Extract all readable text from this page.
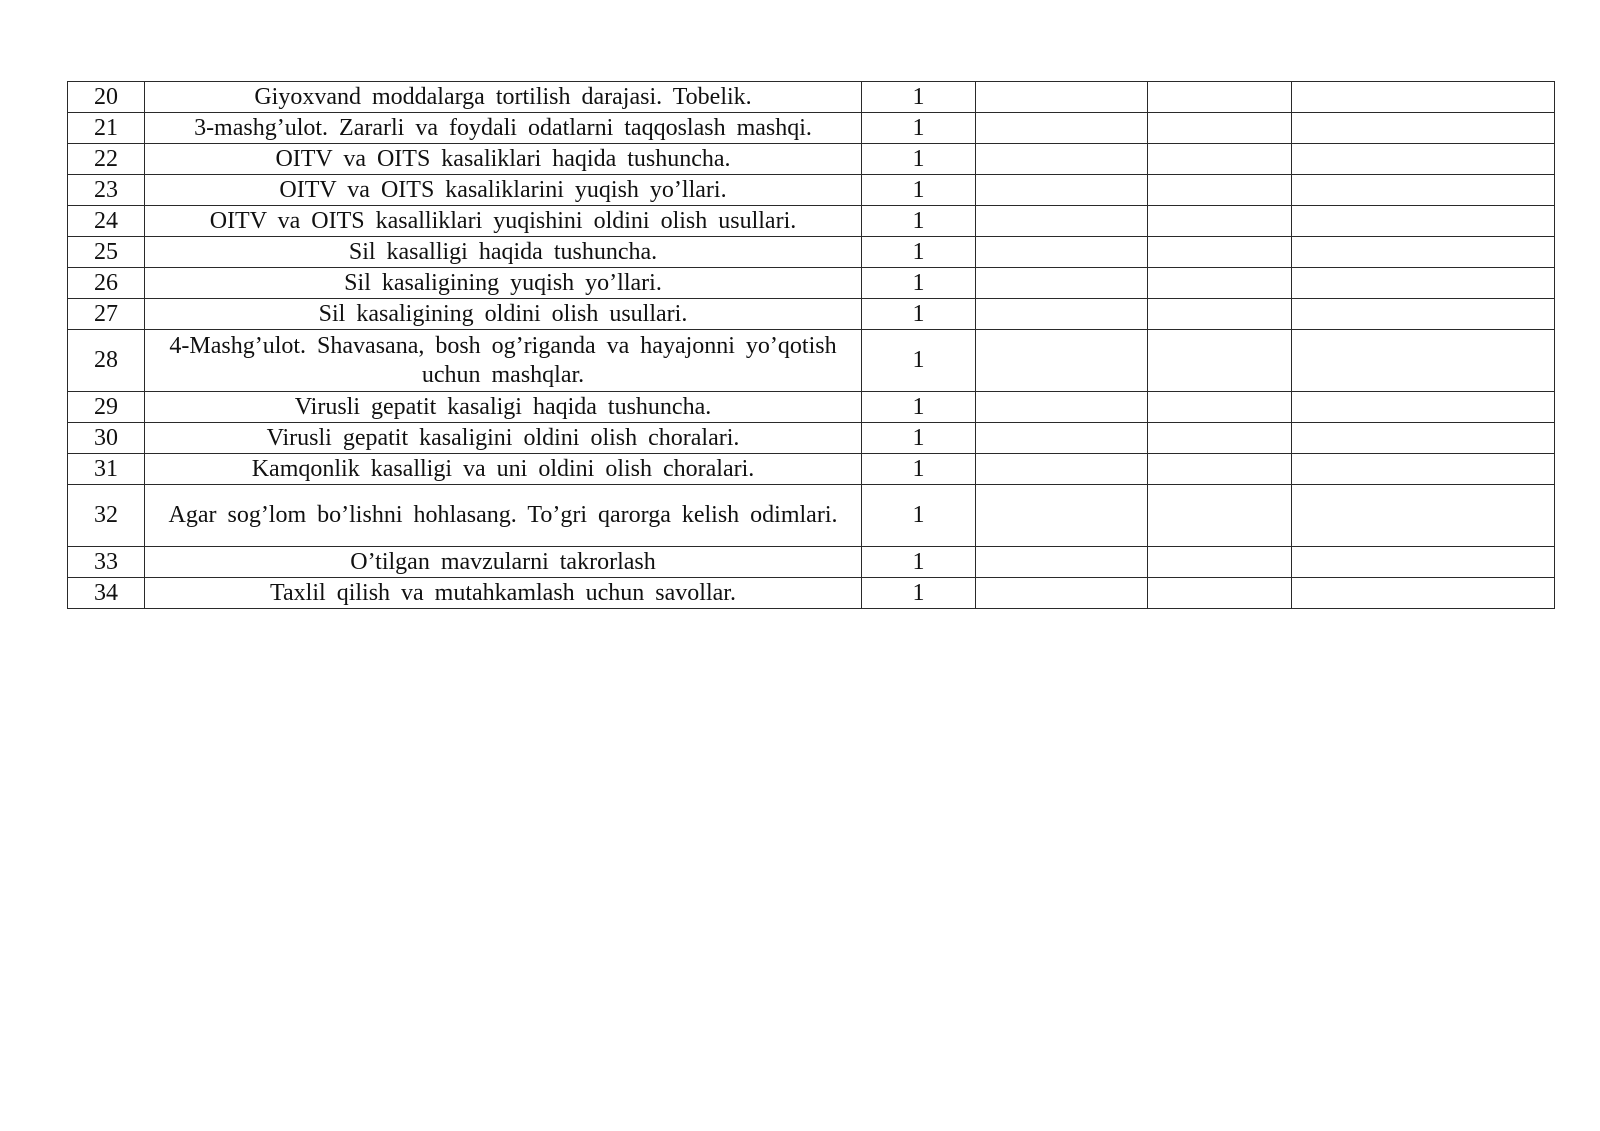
20	Giyoxvand moddalarga tortilish darajasi. Tobelik.	1			
21	3-mashg’ulot. Zararli va foydali odatlarni taqqoslash mashqi.	1			
22	OITV va OITS kasaliklari haqida tushuncha.	1			
23	OITV va OITS kasaliklarini yuqish yo’llari.	1			
24	OITV va OITS kasalliklari yuqishini oldini olish usullari.	1			
25	Sil kasalligi haqida tushuncha.	1			
26	Sil kasaligining yuqish yo’llari.	1			
27	Sil kasaligining oldini olish usullari.	1			
28	4-Mashg’ulot. Shavasana, bosh og’riganda va hayajonni yo’qotish uchun mashqlar.	1			
29	Virusli gepatit kasaligi haqida tushuncha.	1			
30	Virusli gepatit kasaligini oldini olish choralari.	1			
31	Kamqonlik kasalligi va uni oldini olish choralari.	1			
32	Agar sog’lom bo’lishni hohlasang. To’gri qarorga kelish odimlari.	1			
33	O’tilgan mavzularni takrorlash	1			
34	Taxlil qilish va mutahkamlash uchun savollar.	1			
